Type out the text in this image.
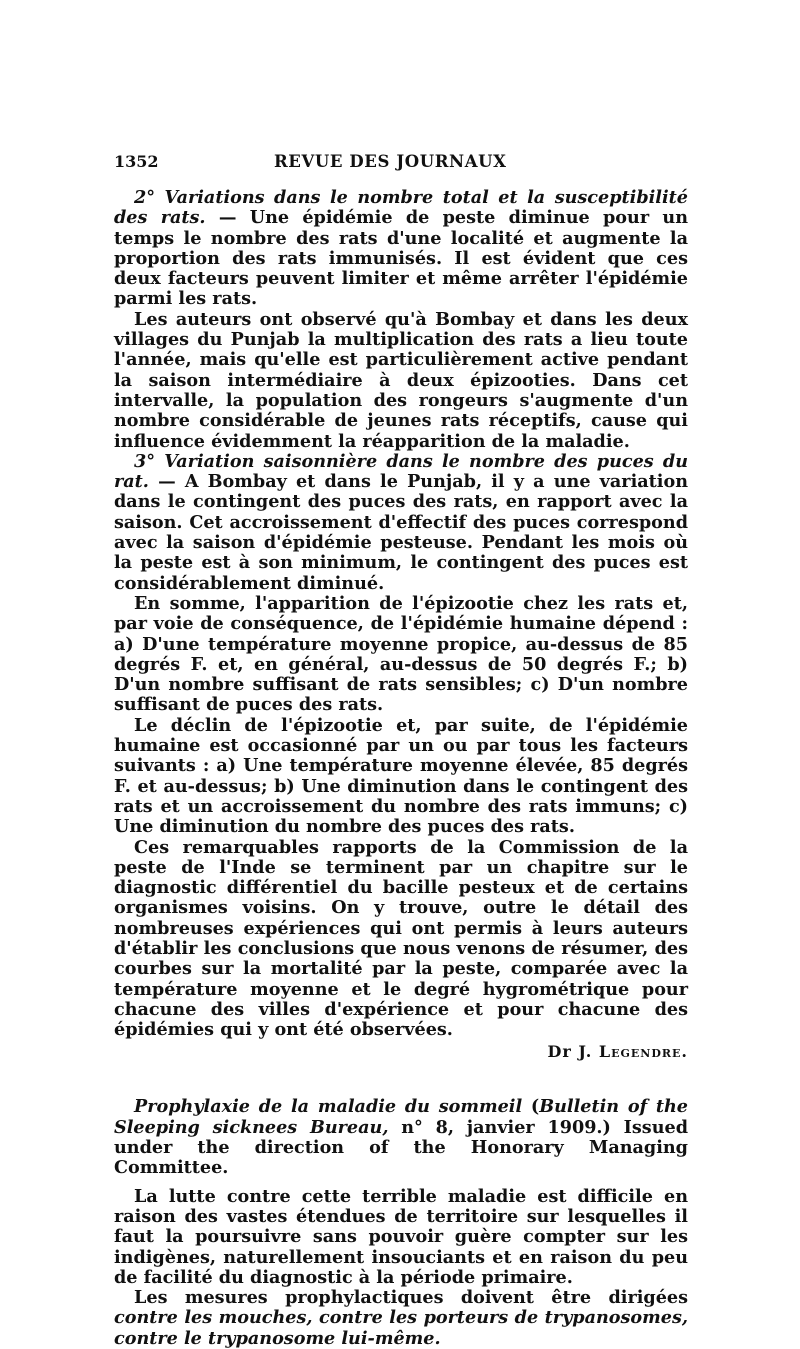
1352	REVUE DES JOURNAUX

2° Variations dans le nombre total et la susceptibilité des rats. — Une épidémie de peste diminue pour un temps le nombre des rats d'une localité et augmente la proportion des rats immunisés. Il est évident que ces deux facteurs peuvent limiter et même arrêter l'épidémie parmi les rats.

Les auteurs ont observé qu'à Bombay et dans les deux villages du Punjab la multiplication des rats a lieu toute l'année, mais qu'elle est particulièrement active pendant la saison intermédiaire à deux épizooties. Dans cet intervalle, la population des rongeurs s'augmente d'un nombre considérable de jeunes rats réceptifs, cause qui influence évidemment la réapparition de la maladie.

3° Variation saisonnière dans le nombre des puces du rat. — A Bombay et dans le Punjab, il y a une variation dans le contingent des puces des rats, en rapport avec la saison. Cet accroissement d'effectif des puces correspond avec la saison d'épidémie pesteuse. Pendant les mois où la peste est à son minimum, le contingent des puces est considérablement diminué.

En somme, l'apparition de l'épizootie chez les rats et, par voie de conséquence, de l'épidémie humaine dépend : a) D'une température moyenne propice, au-dessus de 85 degrés F. et, en général, au-dessus de 50 degrés F.; b) D'un nombre suffisant de rats sensibles; c) D'un nombre suffisant de puces des rats.

Le déclin de l'épizootie et, par suite, de l'épidémie humaine est occasionné par un ou par tous les facteurs suivants : a) Une température moyenne élevée, 85 degrés F. et au-dessus; b) Une diminution dans le contingent des rats et un accroissement du nombre des rats immuns; c) Une diminution du nombre des puces des rats.

Ces remarquables rapports de la Commission de la peste de l'Inde se terminent par un chapitre sur le diagnostic différentiel du bacille pesteux et de certains organismes voisins. On y trouve, outre le détail des nombreuses expériences qui ont permis à leurs auteurs d'établir les conclusions que nous venons de résumer, des courbes sur la mortalité par la peste, comparée avec la température moyenne et le degré hygrométrique pour chacune des villes d'expérience et pour chacune des épidémies qui y ont été observées.

Dr J. Legendre.

Prophylaxie de la maladie du sommeil (Bulletin of the Sleeping sicknees Bureau, n° 8, janvier 1909.) Issued under the direction of the Honorary Managing Committee.

La lutte contre cette terrible maladie est difficile en raison des vastes étendues de territoire sur lesquelles il faut la poursuivre sans pouvoir guère compter sur les indigènes, naturellement insouciants et en raison du peu de facilité du diagnostic à la période primaire.

Les mesures prophylactiques doivent être dirigées contre les mouches, contre les porteurs de trypanosomes, contre le trypanosome lui-même.
